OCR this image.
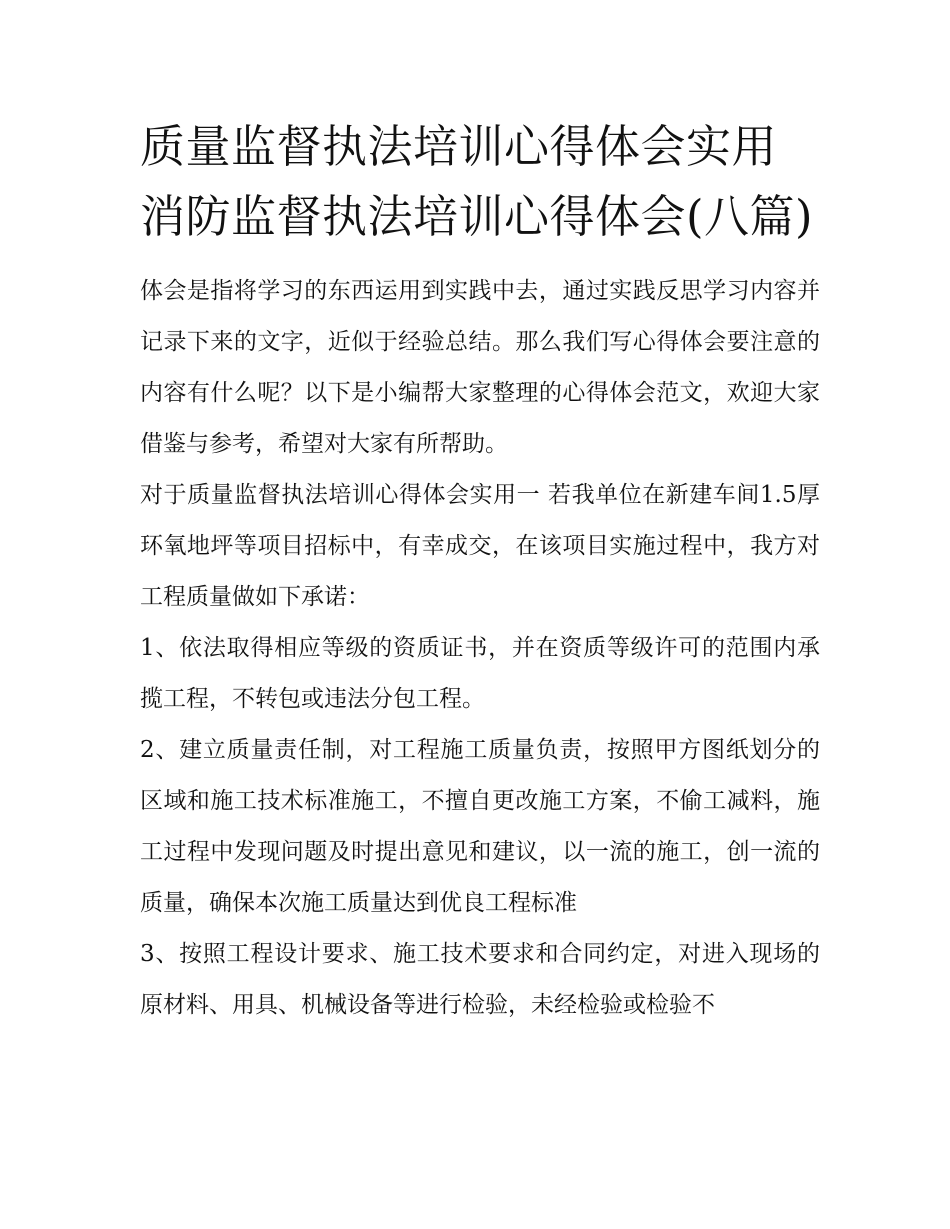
质量监督执法培训心得体会实用 消防监督执法培训心得体会(八篇)

体会是指将学习的东西运用到实践中去，通过实践反思学习内容并记录下来的文字，近似于经验总结。那么我们写心得体会要注意的内容有什么呢？以下是小编帮大家整理的心得体会范文，欢迎大家借鉴与参考，希望对大家有所帮助。

对于质量监督执法培训心得体会实用一 若我单位在新建车间1.5厚环氧地坪等项目招标中，有幸成交，在该项目实施过程中，我方对工程质量做如下承诺：

1、依法取得相应等级的资质证书，并在资质等级许可的范围内承揽工程，不转包或违法分包工程。

2、建立质量责任制，对工程施工质量负责，按照甲方图纸划分的区域和施工技术标准施工，不擅自更改施工方案，不偷工减料，施工过程中发现问题及时提出意见和建议，以一流的施工，创一流的质量，确保本次施工质量达到优良工程标准

3、按照工程设计要求、施工技术要求和合同约定，对进入现场的原材料、用具、机械设备等进行检验，未经检验或检验不
